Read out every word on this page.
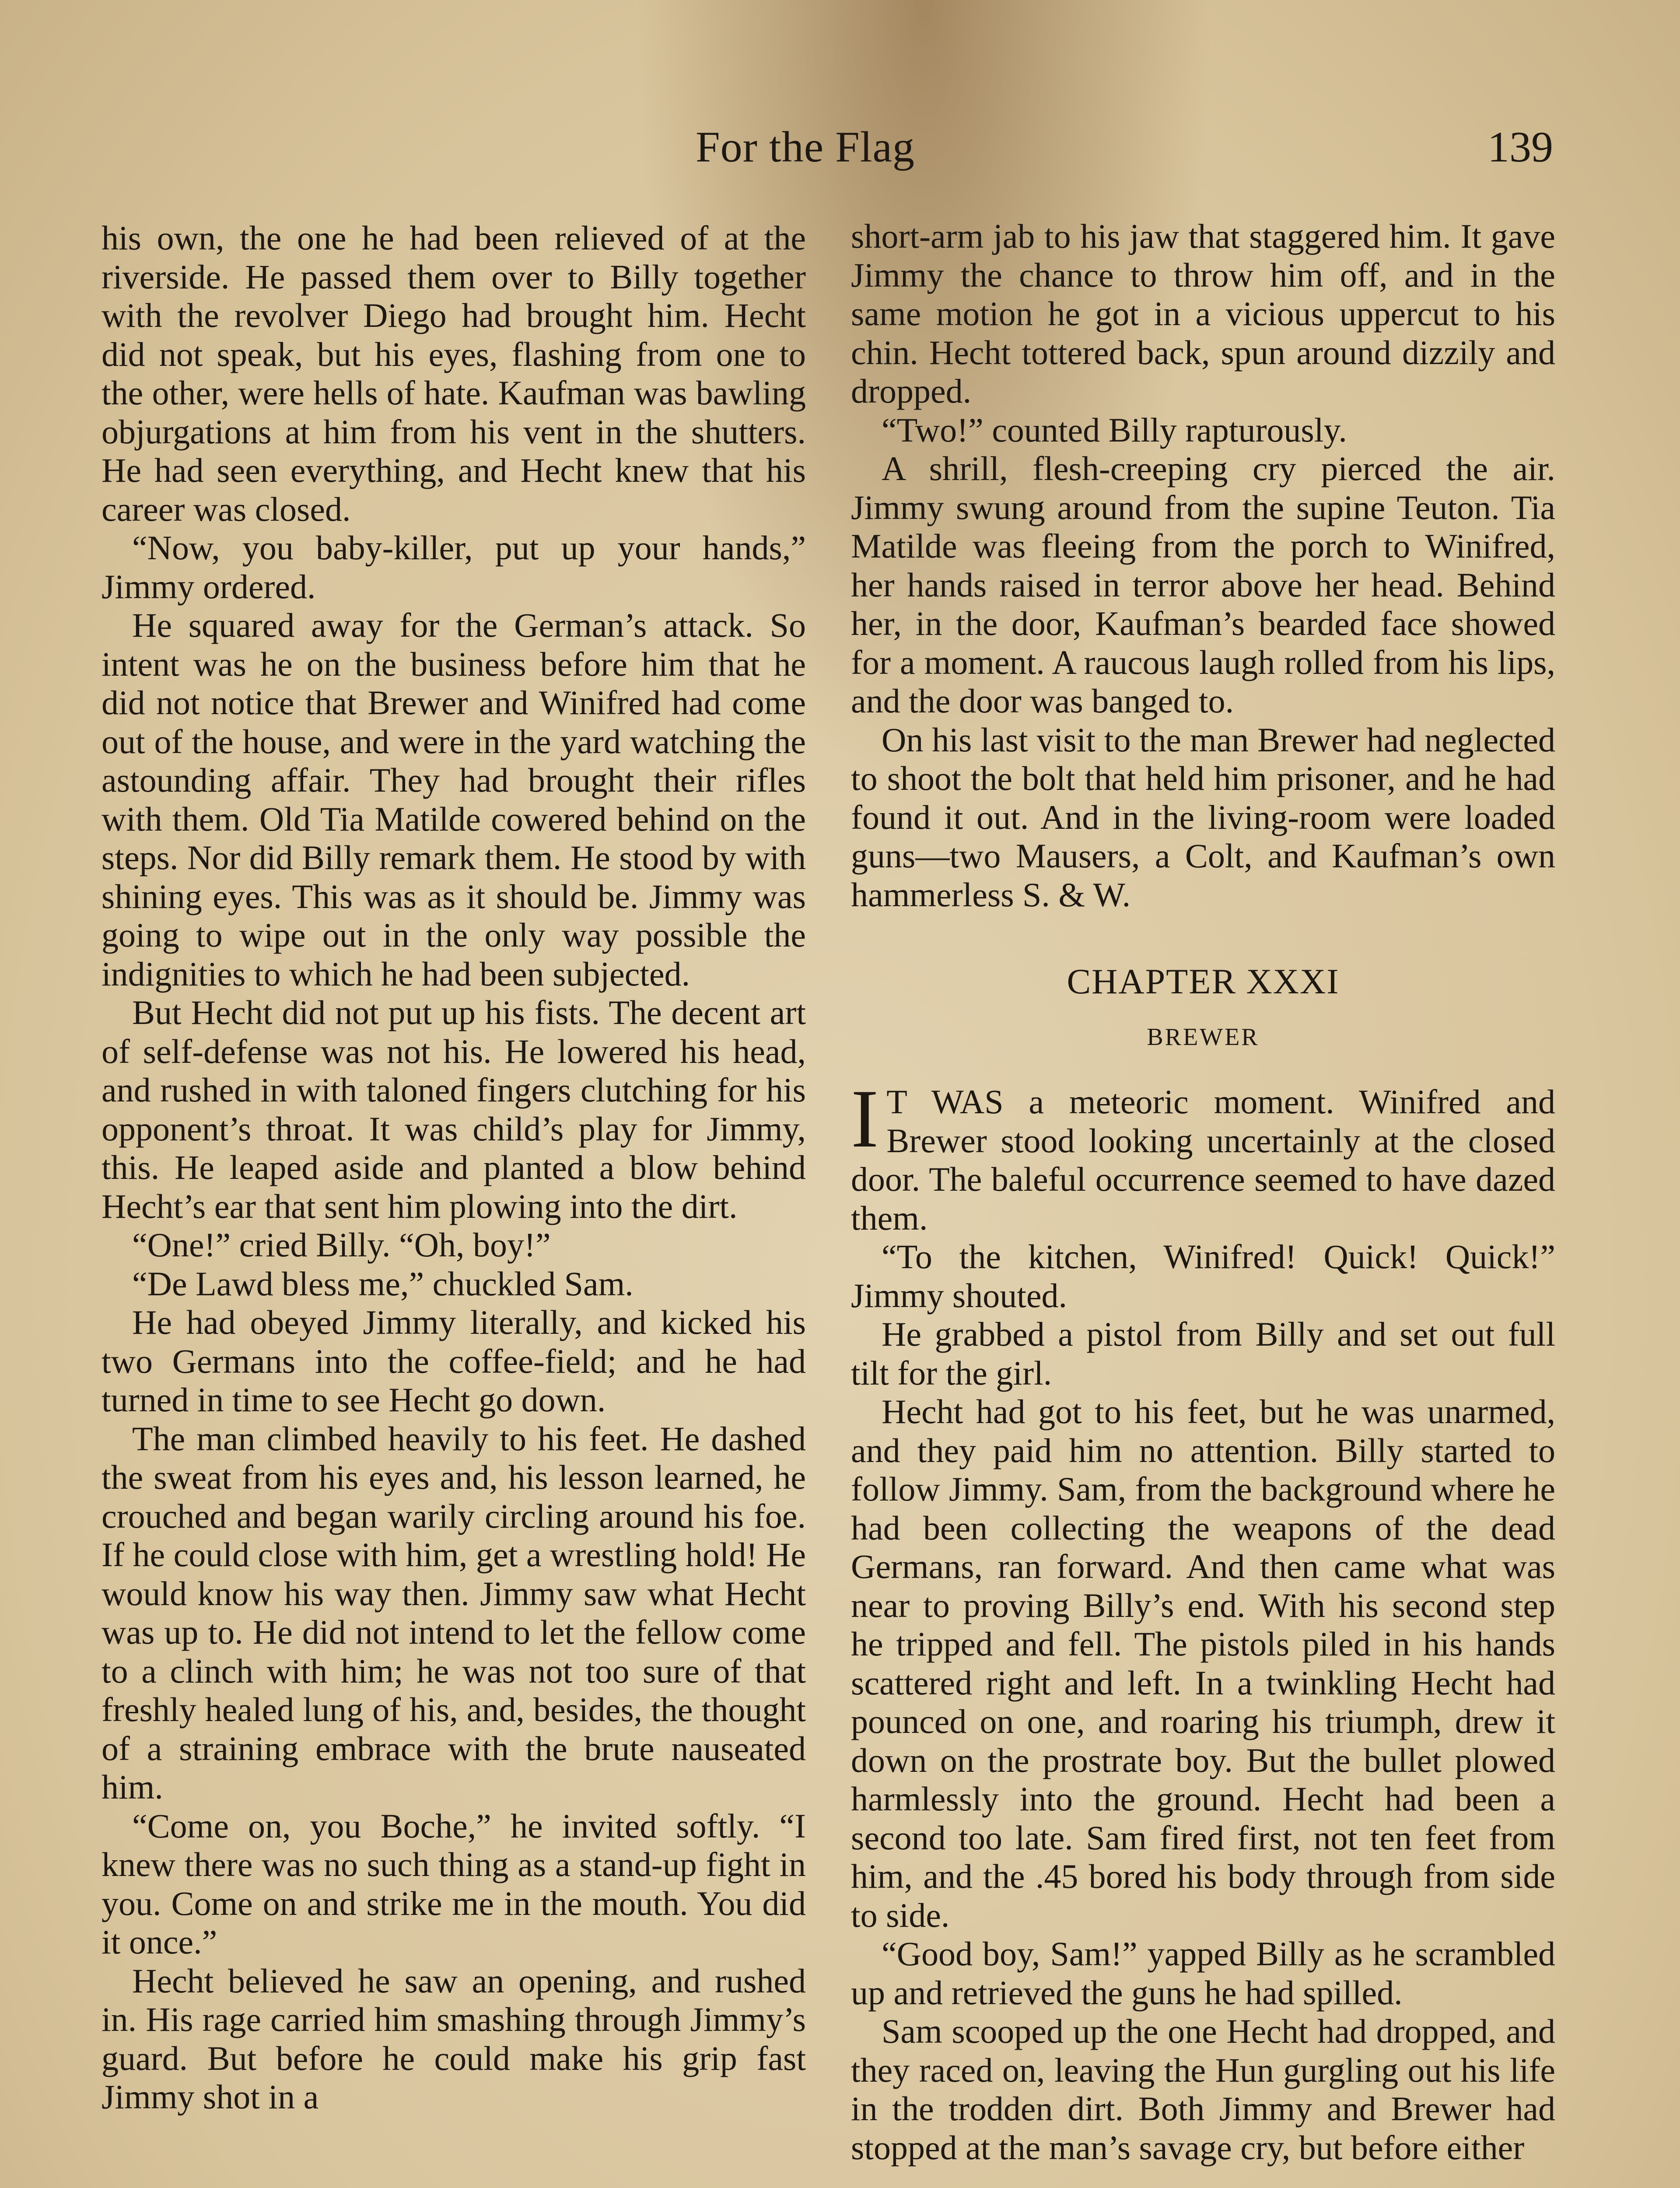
For the Flag	139

his own, the one he had been relieved of at the riverside. He passed them over to Billy together with the revolver Diego had brought him. Hecht did not speak, but his eyes, flashing from one to the other, were hells of hate. Kaufman was bawling objurgations at him from his vent in the shutters. He had seen everything, and Hecht knew that his career was closed.

“Now, you baby-killer, put up your hands,” Jimmy ordered.

He squared away for the German’s attack. So intent was he on the business before him that he did not notice that Brewer and Winifred had come out of the house, and were in the yard watching the astounding affair. They had brought their rifles with them. Old Tia Matilde cowered behind on the steps. Nor did Billy remark them. He stood by with shining eyes. This was as it should be. Jimmy was going to wipe out in the only way possible the indignities to which he had been subjected.

But Hecht did not put up his fists. The decent art of self-defense was not his. He lowered his head, and rushed in with taloned fingers clutching for his opponent’s throat. It was child’s play for Jimmy, this. He leaped aside and planted a blow behind Hecht’s ear that sent him plowing into the dirt.

“One!” cried Billy. “Oh, boy!”

“De Lawd bless me,” chuckled Sam.

He had obeyed Jimmy literally, and kicked his two Germans into the coffee-field; and he had turned in time to see Hecht go down.

The man climbed heavily to his feet. He dashed the sweat from his eyes and, his lesson learned, he crouched and began warily circling around his foe. If he could close with him, get a wrestling hold! He would know his way then. Jimmy saw what Hecht was up to. He did not intend to let the fellow come to a clinch with him; he was not too sure of that freshly healed lung of his, and, besides, the thought of a straining embrace with the brute nauseated him.

“Come on, you Boche,” he invited softly. “I knew there was no such thing as a stand-up fight in you. Come on and strike me in the mouth. You did it once.”

Hecht believed he saw an opening, and rushed in. His rage carried him smashing through Jimmy’s guard. But before he could make his grip fast Jimmy shot in a

short-arm jab to his jaw that staggered him. It gave Jimmy the chance to throw him off, and in the same motion he got in a vicious uppercut to his chin. Hecht tottered back, spun around dizzily and dropped.

“Two!” counted Billy rapturously.

A shrill, flesh-creeping cry pierced the air. Jimmy swung around from the supine Teuton. Tia Matilde was fleeing from the porch to Winifred, her hands raised in terror above her head. Behind her, in the door, Kaufman’s bearded face showed for a moment. A raucous laugh rolled from his lips, and the door was banged to.

On his last visit to the man Brewer had neglected to shoot the bolt that held him prisoner, and he had found it out. And in the living-room were loaded guns—two Mausers, a Colt, and Kaufman’s own hammerless S. & W.

CHAPTER XXXI
BREWER

I T WAS a meteoric moment. Winifred and Brewer stood looking uncertainly at the closed door. The baleful occurrence seemed to have dazed them.

“To the kitchen, Winifred! Quick! Quick!” Jimmy shouted.

He grabbed a pistol from Billy and set out full tilt for the girl.

Hecht had got to his feet, but he was unarmed, and they paid him no attention. Billy started to follow Jimmy. Sam, from the background where he had been collecting the weapons of the dead Germans, ran forward. And then came what was near to proving Billy’s end. With his second step he tripped and fell. The pistols piled in his hands scattered right and left. In a twinkling Hecht had pounced on one, and roaring his triumph, drew it down on the prostrate boy. But the bullet plowed harmlessly into the ground. Hecht had been a second too late. Sam fired first, not ten feet from him, and the .45 bored his body through from side to side.

“Good boy, Sam!” yapped Billy as he scrambled up and retrieved the guns he had spilled.

Sam scooped up the one Hecht had dropped, and they raced on, leaving the Hun gurgling out his life in the trodden dirt. Both Jimmy and Brewer had stopped at the man’s savage cry, but before either
